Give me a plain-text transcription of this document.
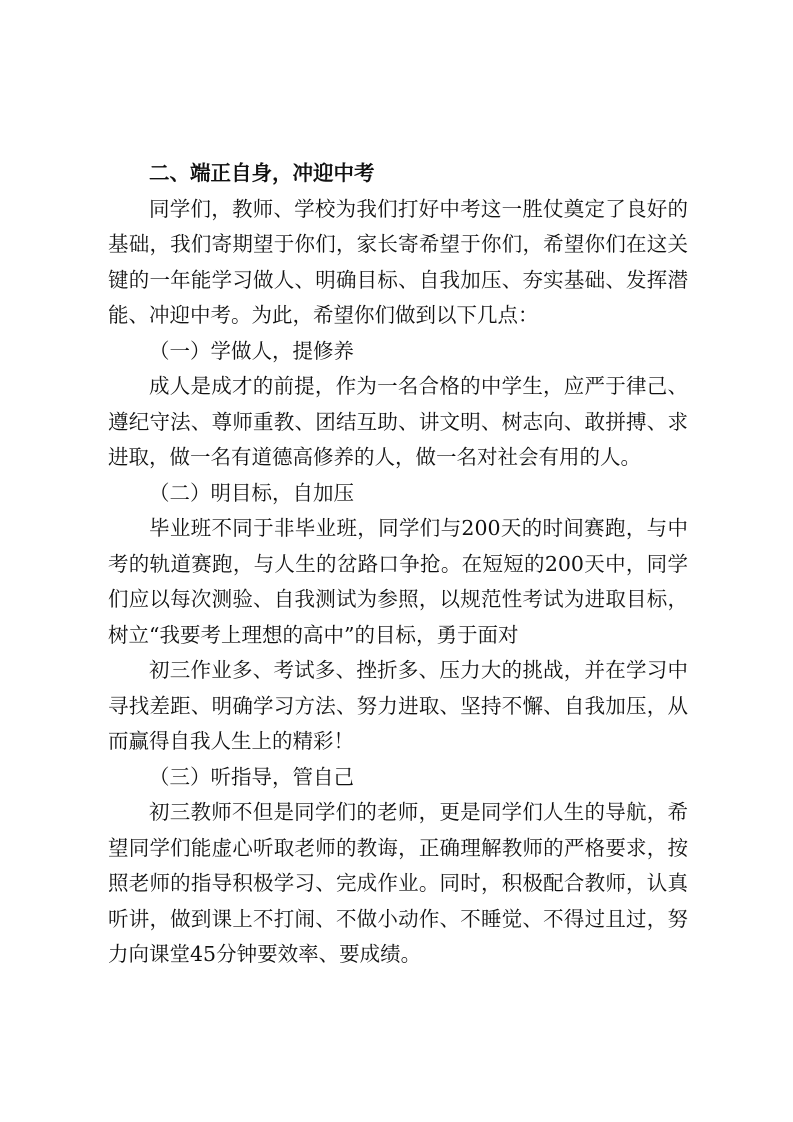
二、端正自身，冲迎中考

同学们，教师、学校为我们打好中考这一胜仗奠定了良好的基础，我们寄期望于你们，家长寄希望于你们，希望你们在这关键的一年能学习做人、明确目标、自我加压、夯实基础、发挥潜能、冲迎中考。为此，希望你们做到以下几点：

（一）学做人，提修养

成人是成才的前提，作为一名合格的中学生，应严于律己、遵纪守法、尊师重教、团结互助、讲文明、树志向、敢拼搏、求进取，做一名有道德高修养的人，做一名对社会有用的人。

（二）明目标，自加压

毕业班不同于非毕业班，同学们与200天的时间赛跑，与中考的轨道赛跑，与人生的岔路口争抢。在短短的200天中，同学们应以每次测验、自我测试为参照，以规范性考试为进取目标，树立“我要考上理想的高中”的目标，勇于面对

初三作业多、考试多、挫折多、压力大的挑战，并在学习中寻找差距、明确学习方法、努力进取、坚持不懈、自我加压，从而赢得自我人生上的精彩！

（三）听指导，管自己

初三教师不但是同学们的老师，更是同学们人生的导航，希望同学们能虚心听取老师的教诲，正确理解教师的严格要求，按照老师的指导积极学习、完成作业。同时，积极配合教师，认真听讲，做到课上不打闹、不做小动作、不睡觉、不得过且过，努力向课堂45分钟要效率、要成绩。
